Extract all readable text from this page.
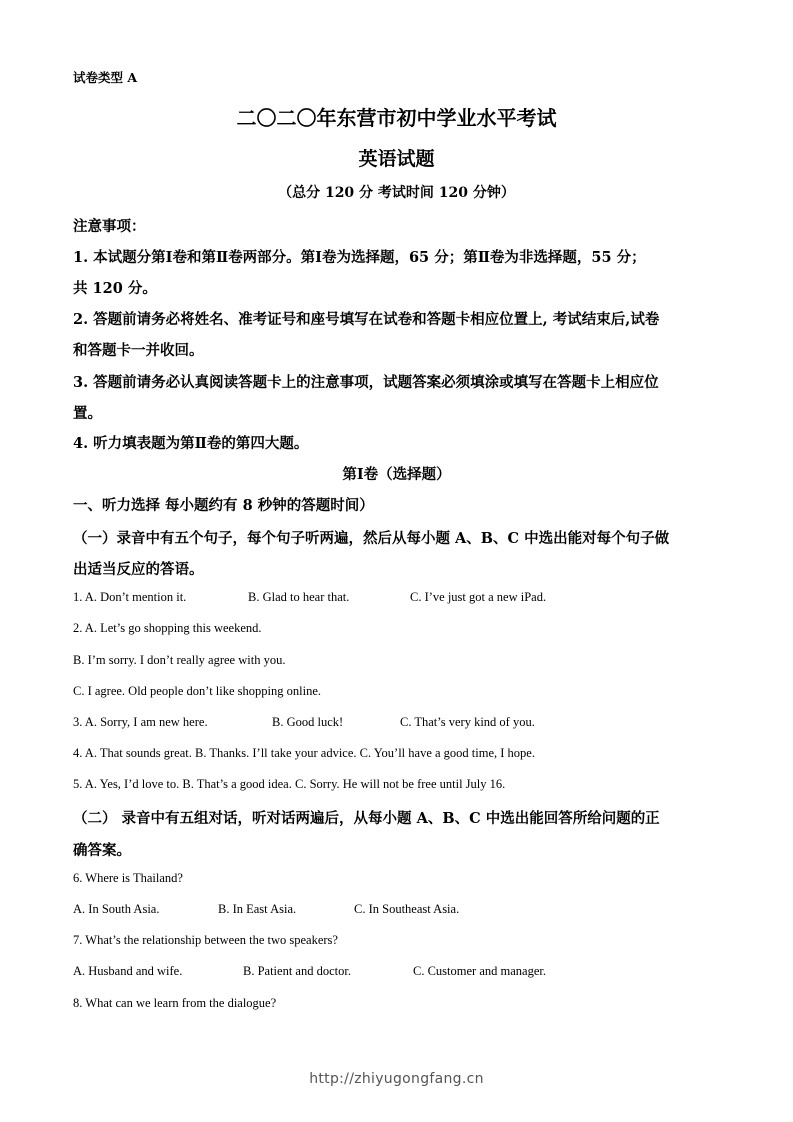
试卷类型 A
二〇二〇年东营市初中学业水平考试
英语试题
（总分 120 分 考试时间 120 分钟）
注意事项：
1. 本试题分第Ⅰ卷和第Ⅱ卷两部分。第Ⅰ卷为选择题，65 分；第Ⅱ卷为非选择题，55 分；
共 120 分。
2. 答题前请务必将姓名、准考证号和座号填写在试卷和答题卡相应位置上, 考试结束后,试卷
和答题卡一并收回。
3. 答题前请务必认真阅读答题卡上的注意事项，试题答案必须填涂或填写在答题卡上相应位
置。
4. 听力填表题为第Ⅱ卷的第四大题。
第Ⅰ卷（选择题）
一、听力选择 每小题约有 8 秒钟的答题时间）
（一）录音中有五个句子，每个句子听两遍，然后从每小题 A、B、C 中选出能对每个句子做
出适当反应的答语。
1. A. Don’t mention it.	B. Glad to hear that.	C. I’ve just got a new iPad.
2. A. Let’s go shopping this weekend.
B. I’m sorry. I don’t really agree with you.
C. I agree. Old people don’t like shopping online.
3. A. Sorry, I am new here.	B. Good luck!	C. That’s very kind of you.
4. A. That sounds great. B. Thanks. I’ll take your advice. C. You’ll have a good time, I hope.
5. A. Yes, I’d love to. B. That’s a good idea. C. Sorry. He will not be free until July 16.
（二） 录音中有五组对话，听对话两遍后，从每小题 A、B、C 中选出能回答所给问题的正
确答案。
6. Where is Thailand?
A. In South Asia.	B. In East Asia.	C. In Southeast Asia.
7. What’s the relationship between the two speakers?
A. Husband and wife.	B. Patient and doctor.	C. Customer and manager.
8. What can we learn from the dialogue?
http://zhiyugongfang.cn
